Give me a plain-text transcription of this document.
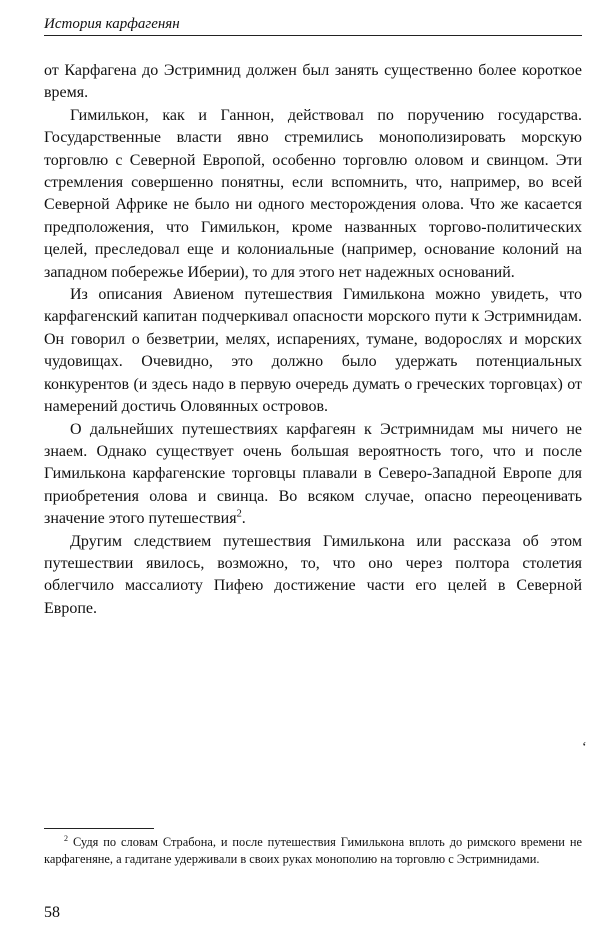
История карфагенян

от Карфагена до Эстримнид должен был занять существенно более короткое время.

Гимилькон, как и Ганнон, действовал по поручению государства. Государственные власти явно стремились монополизировать морскую торговлю с Северной Европой, особенно торговлю оловом и свинцом. Эти стремления совершенно понятны, если вспомнить, что, например, во всей Северной Африке не было ни одного месторождения олова. Что же касается предположения, что Гимилькон, кроме названных торгово-политических целей, преследовал еще и колониальные (например, основание колоний на западном побережье Иберии), то для этого нет надежных оснований.

Из описания Авиеном путешествия Гимилькона можно увидеть, что карфагенский капитан подчеркивал опасности морского пути к Эстримнидам. Он говорил о безветрии, мелях, испарениях, тумане, водорослях и морских чудовищах. Очевидно, это должно было удержать потенциальных конкурентов (и здесь надо в первую очередь думать о греческих торговцах) от намерений достичь Оловянных островов.

О дальнейших путешествиях карфагеян к Эстримнидам мы ничего не знаем. Однако существует очень большая вероятность того, что и после Гимилькона карфагенские торговцы плавали в Северо-Западной Европе для приобретения олова и свинца. Во всяком случае, опасно переоценивать значение этого путешествия$^2$.

Другим следствием путешествия Гимилькона или рассказа об этом путешествии явилось, возможно, то, что оно через полтора столетия облегчило массалиоту Пифею достижение части его целей в Северной Европе.

‘
$^2$ Судя по словам Страбона, и после путешествия Гимилькона вплоть до римского времени не карфагеняне, а гадитане удерживали в своих руках монополию на торговлю с Эстримнидами.
58
